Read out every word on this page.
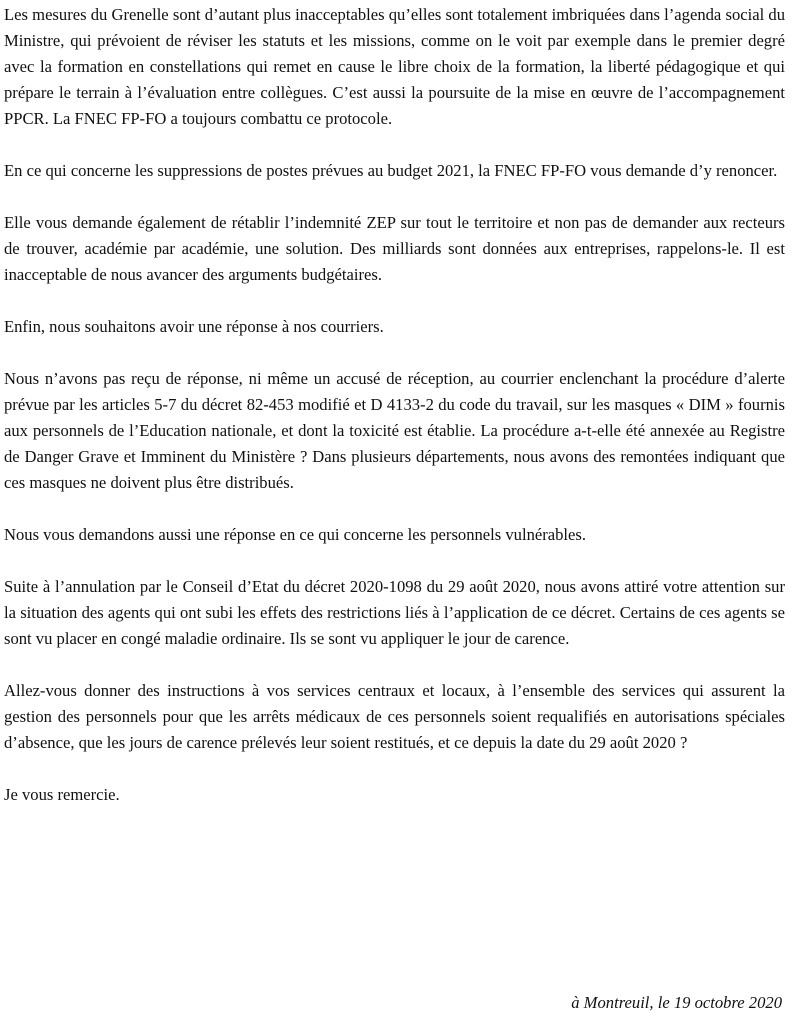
Les mesures du Grenelle sont d’autant plus inacceptables qu’elles sont totalement imbriquées dans l’agenda social du Ministre, qui prévoient de réviser les statuts et les missions, comme on le voit par exemple dans le premier degré avec la formation en constellations qui remet en cause le libre choix de la formation, la liberté pédagogique et qui prépare le terrain à l’évaluation entre collègues. C’est aussi la poursuite de la mise en œuvre de l’accompagnement PPCR. La FNEC FP-FO a toujours combattu ce protocole.

En ce qui concerne les suppressions de postes prévues au budget 2021, la FNEC FP-FO vous demande d’y renoncer.

Elle vous demande également de rétablir l’indemnité ZEP sur tout le territoire et non pas de demander aux recteurs de trouver, académie par académie, une solution. Des milliards sont données aux entreprises, rappelons-le. Il est inacceptable de nous avancer des arguments budgétaires.

Enfin, nous souhaitons avoir une réponse à nos courriers.

Nous n’avons pas reçu de réponse, ni même un accusé de réception, au courrier enclenchant la procédure d’alerte prévue par les articles 5-7 du décret 82-453 modifié et D 4133-2 du code du travail, sur les masques « DIM » fournis aux personnels de l’Education nationale, et dont la toxicité est établie. La procédure a-t-elle été annexée au Registre de Danger Grave et Imminent du Ministère ? Dans plusieurs départements, nous avons des remontées indiquant que ces masques ne doivent plus être distribués.

Nous vous demandons aussi une réponse en ce qui concerne les personnels vulnérables.

Suite à l’annulation par le Conseil d’Etat du décret 2020-1098 du 29 août 2020, nous avons attiré votre attention sur la situation des agents qui ont subi les effets des restrictions liés à l’application de ce décret. Certains de ces agents se sont vu placer en congé maladie ordinaire. Ils se sont vu appliquer le jour de carence.

Allez-vous donner des instructions à vos services centraux et locaux, à l’ensemble des services qui assurent la gestion des personnels pour que les arrêts médicaux de ces personnels soient requalifiés en autorisations spéciales d’absence, que les jours de carence prélevés leur soient restitués, et ce depuis la date du 29 août 2020 ?

Je vous remercie.

à Montreuil, le 19 octobre 2020
